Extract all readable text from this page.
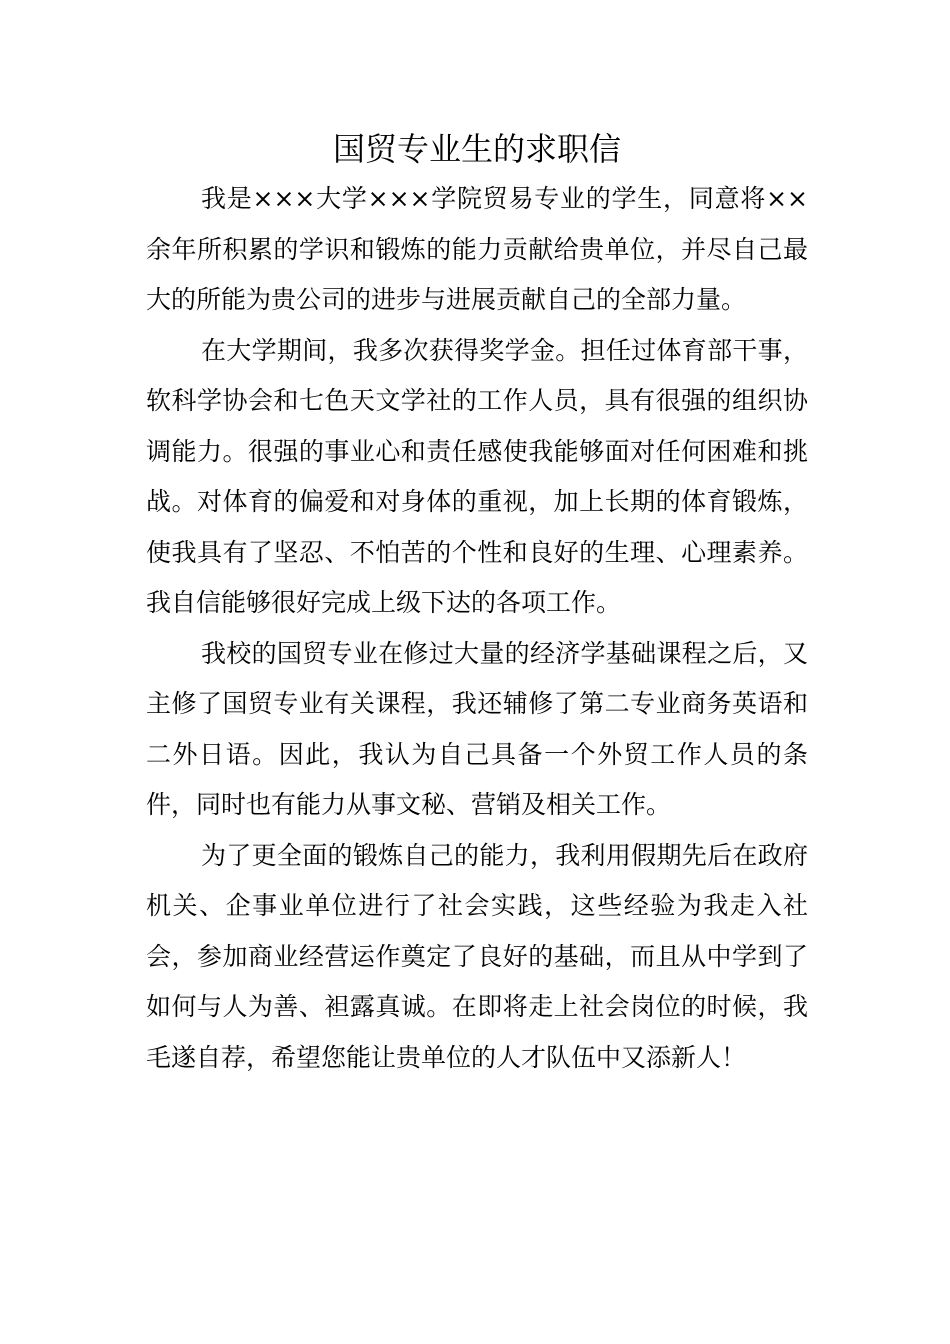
国贸专业生的求职信

我是×××大学×××学院贸易专业的学生，同意将××余年所积累的学识和锻炼的能力贡献给贵单位，并尽自己最大的所能为贵公司的进步与进展贡献自己的全部力量。

在大学期间，我多次获得奖学金。担任过体育部干事，软科学协会和七色天文学社的工作人员，具有很强的组织协调能力。很强的事业心和责任感使我能够面对任何困难和挑战。对体育的偏爱和对身体的重视，加上长期的体育锻炼，使我具有了坚忍、不怕苦的个性和良好的生理、心理素养。我自信能够很好完成上级下达的各项工作。

我校的国贸专业在修过大量的经济学基础课程之后，又主修了国贸专业有关课程，我还辅修了第二专业商务英语和二外日语。因此，我认为自己具备一个外贸工作人员的条件，同时也有能力从事文秘、营销及相关工作。

为了更全面的锻炼自己的能力，我利用假期先后在政府机关、企事业单位进行了社会实践，这些经验为我走入社会，参加商业经营运作奠定了良好的基础，而且从中学到了如何与人为善、袒露真诚。在即将走上社会岗位的时候，我毛遂自荐，希望您能让贵单位的人才队伍中又添新人！
